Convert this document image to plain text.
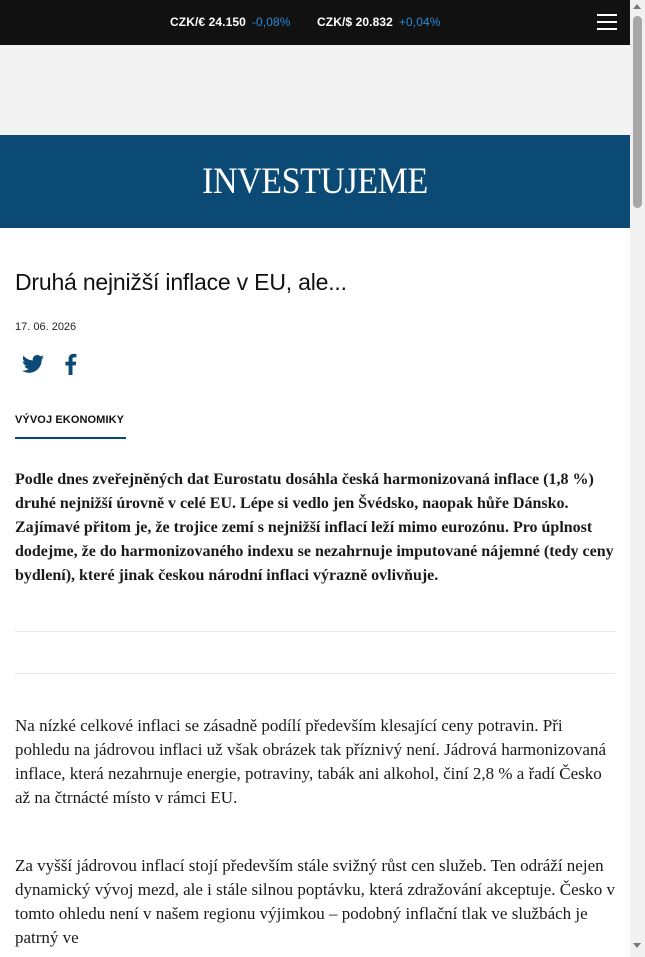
CZK/€ 24.150 -0,08% CZK/$ 20.832 +0,04%
INVESTUJEME
Druhá nejnižší inflace v EU, ale...
17. 06. 2026
VÝVOJ EKONOMIKY

Podle dnes zveřejněných dat Eurostatu dosáhla česká harmonizovaná inflace (1,8 %) druhé nejnižší úrovně v celé EU. Lépe si vedlo jen Švédsko, naopak hůře Dánsko. Zajímavé přitom je, že trojice zemí s nejnižší inflací leží mimo eurozónu. Pro úplnost dodejme, že do harmonizovaného indexu se nezahrnuje imputované nájemné (tedy ceny bydlení), které jinak českou národní inflaci výrazně ovlivňuje.

Na nízké celkové inflaci se zásadně podílí především klesající ceny potravin. Při pohledu na jádrovou inflaci už však obrázek tak příznivý není. Jádrová harmonizovaná inflace, která nezahrnuje energie, potraviny, tabák ani alkohol, činí 2,8 % a řadí Česko až na čtrnácté místo v rámci EU.

Za vyšší jádrovou inflací stojí především stále svižný růst cen služeb. Ten odráží nejen dynamický vývoj mezd, ale i stále silnou poptávku, která zdražování akceptuje. Česko v tomto ohledu není v našem regionu výjimkou – podobný inflační tlak ve službách je patrný ve
